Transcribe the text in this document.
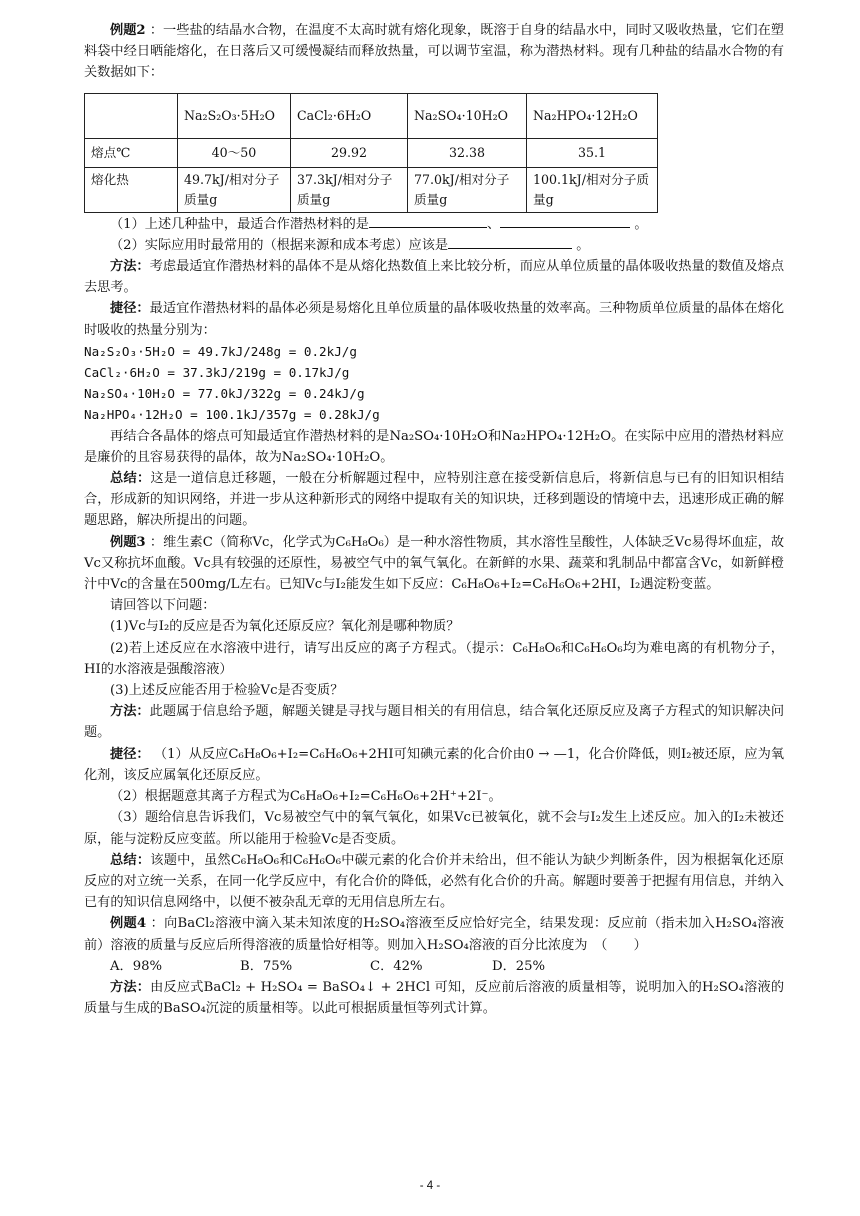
例题2 ：一些盐的结晶水合物，在温度不太高时就有熔化现象，既溶于自身的结晶水中，同时又吸收热量，它们在塑料袋中经日晒能熔化，在日落后又可缓慢凝结而释放热量，可以调节室温，称为潜热材料。现有几种盐的结晶水合物的有关数据如下：

	Na₂S₂O₃·5H₂O	CaCl₂·6H₂O	Na₂SO₄·10H₂O	Na₂HPO₄·12H₂O
熔点℃	40～50	29.92	32.38	35.1
熔化热	49.7kJ/相对分子质量g	37.3kJ/相对分子质量g	77.0kJ/相对分子质量g	100.1kJ/相对分子质量g

（1）上述几种盐中，最适合作潜热材料的是	、	。

（2）实际应用时最常用的（根据来源和成本考虑）应该是	。

方法：考虑最适宜作潜热材料的晶体不是从熔化热数值上来比较分析，而应从单位质量的晶体吸收热量的数值及熔点去思考。

捷径：最适宜作潜热材料的晶体必须是易熔化且单位质量的晶体吸收热量的效率高。三种物质单位质量的晶体在熔化时吸收的热量分别为：

Na₂S₂O₃·5H₂O = 49.7kJ/248g = 0.2kJ/g

CaCl₂·6H₂O = 37.3kJ/219g = 0.17kJ/g

Na₂SO₄·10H₂O = 77.0kJ/322g = 0.24kJ/g

Na₂HPO₄·12H₂O = 100.1kJ/357g = 0.28kJ/g

再结合各晶体的熔点可知最适宜作潜热材料的是Na₂SO₄·10H₂O和Na₂HPO₄·12H₂O。在实际中应用的潜热材料应是廉价的且容易获得的晶体，故为Na₂SO₄·10H₂O。

总结：这是一道信息迁移题，一般在分析解题过程中，应特别注意在接受新信息后，将新信息与已有的旧知识相结合，形成新的知识网络，并进一步从这种新形式的网络中提取有关的知识块，迁移到题设的情境中去，迅速形成正确的解题思路，解决所提出的问题。

例题3 ：维生素C（简称Vc，化学式为C₆H₈O₆）是一种水溶性物质，其水溶性呈酸性，人体缺乏Vc易得坏血症，故Vc又称抗坏血酸。Vc具有较强的还原性，易被空气中的氧气氧化。在新鲜的水果、蔬菜和乳制品中都富含Vc，如新鲜橙汁中Vc的含量在500mg/L左右。已知Vc与I₂能发生如下反应：C₆H₈O₆+I₂=C₆H₆O₆+2HI，I₂遇淀粉变蓝。

请回答以下问题：

(1)Vc与I₂的反应是否为氧化还原反应？氧化剂是哪种物质？

(2)若上述反应在水溶液中进行，请写出反应的离子方程式。（提示：C₆H₈O₆和C₆H₆O₆均为难电离的有机物分子，HI的水溶液是强酸溶液）

(3)上述反应能否用于检验Vc是否变质？

方法：此题属于信息给予题，解题关键是寻找与题目相关的有用信息，结合氧化还原反应及离子方程式的知识解决问题。

捷径： （1）从反应C₆H₈O₆+I₂=C₆H₆O₆+2HI可知碘元素的化合价由0 → —1，化合价降低，则I₂被还原，应为氧化剂，该反应属氧化还原反应。

（2）根据题意其离子方程式为C₆H₈O₆+I₂=C₆H₆O₆+2H⁺+2I⁻。

（3）题给信息告诉我们，Vc易被空气中的氧气氧化，如果Vc已被氧化，就不会与I₂发生上述反应。加入的I₂未被还原，能与淀粉反应变蓝。所以能用于检验Vc是否变质。

总结：该题中，虽然C₆H₈O₆和C₆H₆O₆中碳元素的化合价并未给出，但不能认为缺少判断条件，因为根据氧化还原反应的对立统一关系，在同一化学反应中，有化合价的降低，必然有化合价的升高。解题时要善于把握有用信息，并纳入已有的知识信息网络中，以便不被杂乱无章的无用信息所左右。

例题4 ：向BaCl₂溶液中滴入某未知浓度的H₂SO₄溶液至反应恰好完全，结果发现：反应前（指未加入H₂SO₄溶液前）溶液的质量与反应后所得溶液的质量恰好相等。则加入H₂SO₄溶液的百分比浓度为　（　　）

A．98%	B．75%	C．42%	D．25%

方法：由反应式BaCl₂ + H₂SO₄ = BaSO₄↓ + 2HCl 可知，反应前后溶液的质量相等，说明加入的H₂SO₄溶液的质量与生成的BaSO₄沉淀的质量相等。以此可根据质量恒等列式计算。

- 4 -
